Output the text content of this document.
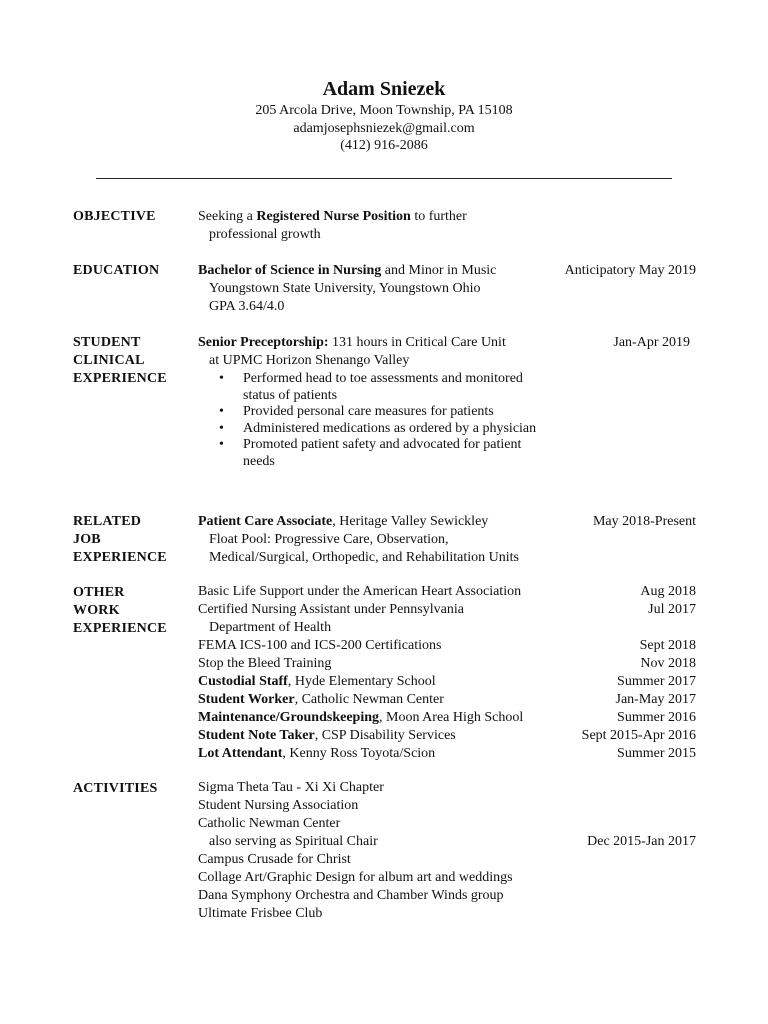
Adam Sniezek
205 Arcola Drive, Moon Township, PA 15108
adamjosephsniezek@gmail.com
(412) 916-2086
OBJECTIVE	Seeking a Registered Nurse Position to further
professional growth
EDUCATION	Bachelor of Science in Nursing and Minor in Music
Youngstown State University, Youngstown Ohio
GPA 3.64/4.0
Anticipatory May 2019
STUDENT
CLINICAL
EXPERIENCE
Senior Preceptorship: 131 hours in Critical Care Unit
at UPMC Horizon Shenango Valley
• Performed head to toe assessments and monitored status of patients
• Provided personal care measures for patients
• Administered medications as ordered by a physician
• Promoted patient safety and advocated for patient needs
Jan-Apr 2019
RELATED
JOB
EXPERIENCE
Patient Care Associate, Heritage Valley Sewickley
Float Pool: Progressive Care, Observation,
Medical/Surgical, Orthopedic, and Rehabilitation Units
May 2018-Present
OTHER
WORK
EXPERIENCE
Basic Life Support under the American Heart Association	Aug 2018
Certified Nursing Assistant under Pennsylvania	Jul 2017
Department of Health
FEMA ICS-100 and ICS-200 Certifications	Sept 2018
Stop the Bleed Training	Nov 2018
Custodial Staff, Hyde Elementary School	Summer 2017
Student Worker, Catholic Newman Center	Jan-May 2017
Maintenance/Groundskeeping, Moon Area High School	Summer 2016
Student Note Taker, CSP Disability Services	Sept 2015-Apr 2016
Lot Attendant, Kenny Ross Toyota/Scion	Summer 2015
ACTIVITIES	Sigma Theta Tau - Xi Xi Chapter
Student Nursing Association
Catholic Newman Center
also serving as Spiritual Chair	Dec 2015-Jan 2017
Campus Crusade for Christ
Collage Art/Graphic Design for album art and weddings
Dana Symphony Orchestra and Chamber Winds group
Ultimate Frisbee Club
